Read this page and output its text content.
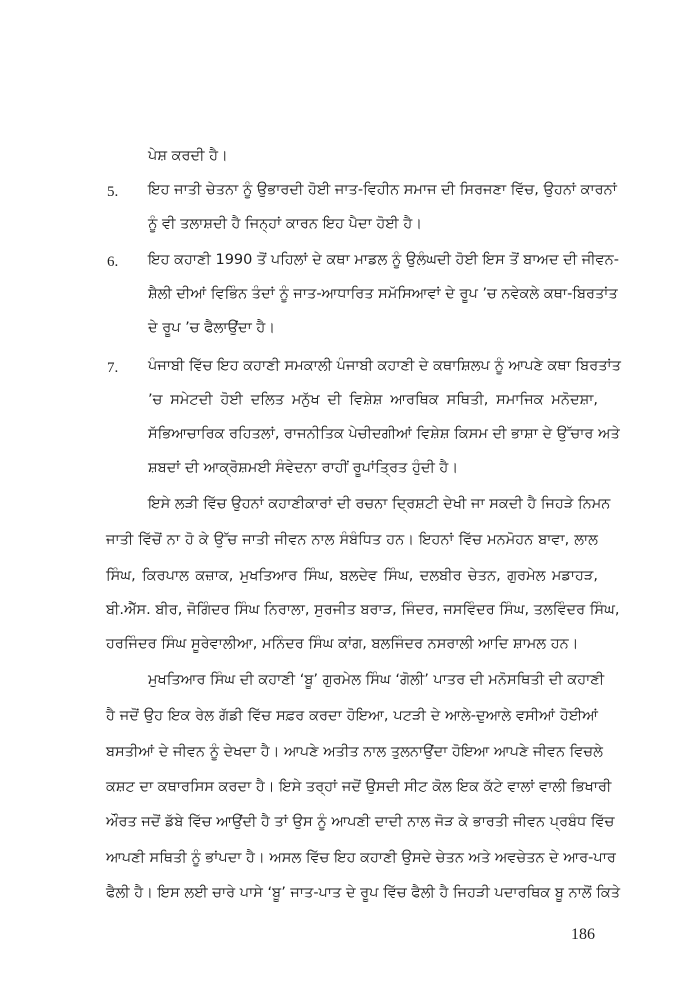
ਪੇਸ਼ ਕਰਦੀ ਹੈ।
5. ਇਹ ਜਾਤੀ ਚੇਤਨਾ ਨੂੰ ਉਭਾਰਦੀ ਹੋਈ ਜਾਤ-ਵਿਹੀਨ ਸਮਾਜ ਦੀ ਸਿਰਜਣਾ ਵਿੱਚ, ਉਹਨਾਂ ਕਾਰਨਾਂ
ਨੂੰ ਵੀ ਤਲਾਸ਼ਦੀ ਹੈ ਜਿਨ੍ਹਾਂ ਕਾਰਨ ਇਹ ਪੈਦਾ ਹੋਈ ਹੈ।
6. ਇਹ ਕਹਾਣੀ 1990 ਤੋਂ ਪਹਿਲਾਂ ਦੇ ਕਥਾ ਮਾਡਲ ਨੂੰ ਉਲੰਘਦੀ ਹੋਈ ਇਸ ਤੋਂ ਬਾਅਦ ਦੀ ਜੀਵਨ-
ਸ਼ੈਲੀ ਦੀਆਂ ਵਿਭਿੰਨ ਤੰਦਾਂ ਨੂੰ ਜਾਤ-ਆਧਾਰਿਤ ਸਮੱਸਿਆਵਾਂ ਦੇ ਰੂਪ ’ਚ ਨਵੇਕਲੇ ਕਥਾ-ਬਿਰਤਾਂਤ
ਦੇ ਰੂਪ ’ਚ ਫੈਲਾਉਂਦਾ ਹੈ।
7. ਪੰਜਾਬੀ ਵਿੱਚ ਇਹ ਕਹਾਣੀ ਸਮਕਾਲੀ ਪੰਜਾਬੀ ਕਹਾਣੀ ਦੇ ਕਥਾਸ਼ਿਲਪ ਨੂੰ ਆਪਣੇ ਕਥਾ ਬਿਰਤਾਂਤ
’ਚ ਸਮੇਟਦੀ ਹੋਈ ਦਲਿਤ ਮਨੁੱਖ ਦੀ ਵਿਸ਼ੇਸ਼ ਆਰਥਿਕ ਸਥਿਤੀ, ਸਮਾਜਿਕ ਮਨੋਦਸ਼ਾ,
ਸੱਭਿਆਚਾਰਿਕ ਰਹਿਤਲਾਂ, ਰਾਜਨੀਤਿਕ ਪੇਚੀਦਗੀਆਂ ਵਿਸ਼ੇਸ਼ ਕਿਸਮ ਦੀ ਭਾਸ਼ਾ ਦੇ ਉੱਚਾਰ ਅਤੇ
ਸ਼ਬਦਾਂ ਦੀ ਆਕ੍ਰੋਸ਼ਮਈ ਸੰਵੇਦਨਾ ਰਾਹੀਂ ਰੂਪਾਂਤ੍ਰਿਤ ਹੁੰਦੀ ਹੈ।
ਇਸੇ ਲੜੀ ਵਿੱਚ ਉਹਨਾਂ ਕਹਾਣੀਕਾਰਾਂ ਦੀ ਰਚਨਾ ਦ੍ਰਿਸ਼ਟੀ ਦੇਖੀ ਜਾ ਸਕਦੀ ਹੈ ਜਿਹੜੇ ਨਿਮਨ
ਜਾਤੀ ਵਿੱਚੋਂ ਨਾ ਹੋ ਕੇ ਉੱਚ ਜਾਤੀ ਜੀਵਨ ਨਾਲ ਸੰਬੰਧਿਤ ਹਨ। ਇਹਨਾਂ ਵਿੱਚ ਮਨਮੋਹਨ ਬਾਵਾ, ਲਾਲ
ਸਿੰਘ, ਕਿਰਪਾਲ ਕਜ਼ਾਕ, ਮੁਖਤਿਆਰ ਸਿੰਘ, ਬਲਦੇਵ ਸਿੰਘ, ਦਲਬੀਰ ਚੇਤਨ, ਗੁਰਮੇਲ ਮਡਾਹੜ,
ਬੀ.ਐੱਸ. ਬੀਰ, ਜੋਗਿੰਦਰ ਸਿੰਘ ਨਿਰਾਲਾ, ਸੁਰਜੀਤ ਬਰਾੜ, ਜਿੰਦਰ, ਜਸਵਿੰਦਰ ਸਿੰਘ, ਤਲਵਿੰਦਰ ਸਿੰਘ,
ਹਰਜਿੰਦਰ ਸਿੰਘ ਸੂਰੇਵਾਲੀਆ, ਮਨਿੰਦਰ ਸਿੰਘ ਕਾਂਗ, ਬਲਜਿੰਦਰ ਨਸਰਾਲੀ ਆਦਿ ਸ਼ਾਮਲ ਹਨ।
ਮੁਖਤਿਆਰ ਸਿੰਘ ਦੀ ਕਹਾਣੀ ‘ਬੂ’ ਗੁਰਮੇਲ ਸਿੰਘ ‘ਗੋਲੀ’ ਪਾਤਰ ਦੀ ਮਨੋਸਥਿਤੀ ਦੀ ਕਹਾਣੀ
ਹੈ ਜਦੋਂ ਉਹ ਇਕ ਰੇਲ ਗੱਡੀ ਵਿੱਚ ਸਫ਼ਰ ਕਰਦਾ ਹੋਇਆ, ਪਟੜੀ ਦੇ ਆਲੇ-ਦੁਆਲੇ ਵਸੀਆਂ ਹੋਈਆਂ
ਬਸਤੀਆਂ ਦੇ ਜੀਵਨ ਨੂੰ ਦੇਖਦਾ ਹੈ। ਆਪਣੇ ਅਤੀਤ ਨਾਲ ਤੁਲਨਾਉਂਦਾ ਹੋਇਆ ਆਪਣੇ ਜੀਵਨ ਵਿਚਲੇ
ਕਸ਼ਟ ਦਾ ਕਥਾਰਸਿਸ ਕਰਦਾ ਹੈ। ਇਸੇ ਤਰ੍ਹਾਂ ਜਦੋਂ ਉਸਦੀ ਸੀਟ ਕੋਲ ਇਕ ਕੱਟੇ ਵਾਲਾਂ ਵਾਲੀ ਭਿਖਾਰੀ
ਔਰਤ ਜਦੋਂ ਡੱਬੇ ਵਿੱਚ ਆਉਂਦੀ ਹੈ ਤਾਂ ਉਸ ਨੂੰ ਆਪਣੀ ਦਾਦੀ ਨਾਲ ਜੋੜ ਕੇ ਭਾਰਤੀ ਜੀਵਨ ਪ੍ਰਬੰਧ ਵਿੱਚ
ਆਪਣੀ ਸਥਿਤੀ ਨੂੰ ਭਾਂਪਦਾ ਹੈ। ਅਸਲ ਵਿੱਚ ਇਹ ਕਹਾਣੀ ਉਸਦੇ ਚੇਤਨ ਅਤੇ ਅਵਚੇਤਨ ਦੇ ਆਰ-ਪਾਰ
ਫੈਲੀ ਹੈ। ਇਸ ਲਈ ਚਾਰੇ ਪਾਸੇ ‘ਬੂ’ ਜਾਤ-ਪਾਤ ਦੇ ਰੂਪ ਵਿੱਚ ਫੈਲੀ ਹੈ ਜਿਹੜੀ ਪਦਾਰਥਿਕ ਬੂ ਨਾਲੋਂ ਕਿਤੇ
186
